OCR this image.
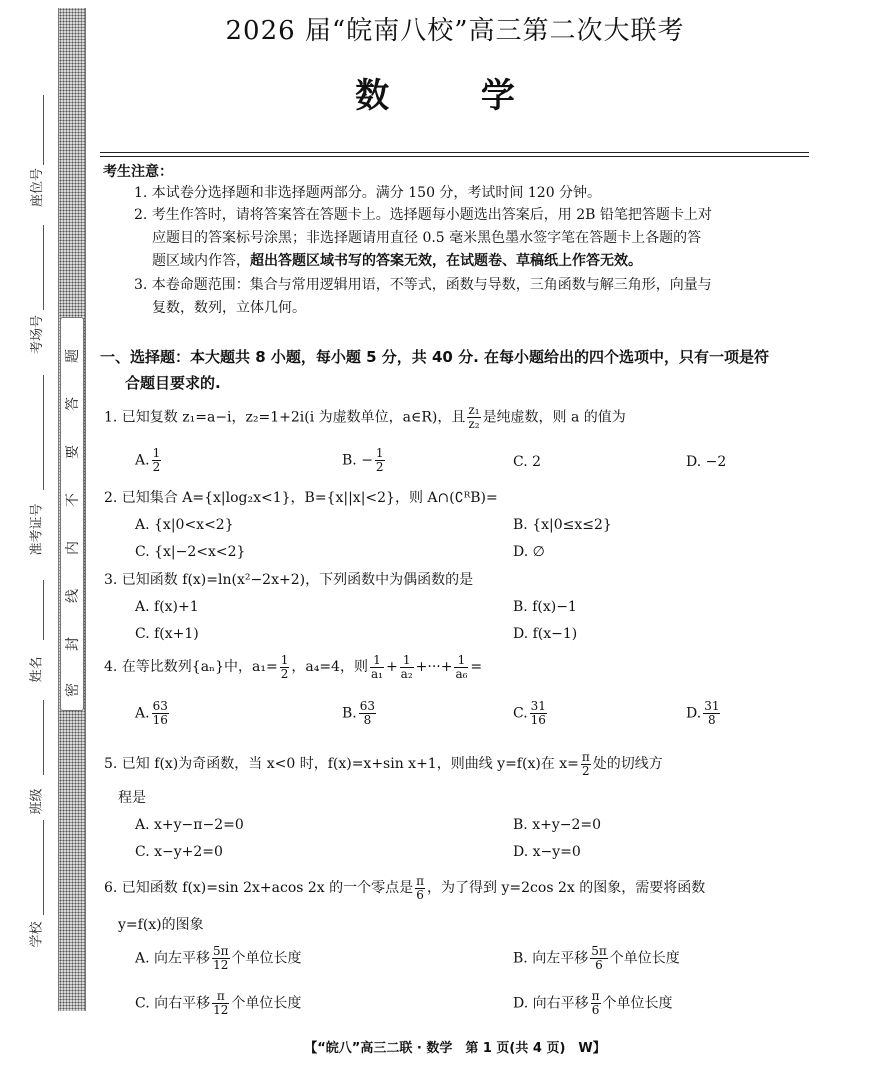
题
答
要
不
内
线
封
密
座位号
考场号
准考证号
姓名
班级
学校
2026 届“皖南八校”高三第二次大联考
数 学
考生注意：
1. 本试卷分选择题和非选择题两部分。满分 150 分，考试时间 120 分钟。
2. 考生作答时，请将答案答在答题卡上。选择题每小题选出答案后，用 2B 铅笔把答题卡上对
应题目的答案标号涂黑；非选择题请用直径 0.5 毫米黑色墨水签字笔在答题卡上各题的答
题区域内作答，超出答题区域书写的答案无效，在试题卷、草稿纸上作答无效。
3. 本卷命题范围：集合与常用逻辑用语，不等式，函数与导数，三角函数与解三角形，向量与
复数，数列，立体几何。
一、选择题：本大题共 8 小题，每小题 5 分，共 40 分. 在每小题给出的四个选项中，只有一项是符
合题目要求的.
1. 已知复数 z₁=a−i，z₂=1+2i(i 为虚数单位，a∈R)，且 $\frac{\text{z₁}}{\text{z₂}}$ 是纯虚数，则 a 的值为
A. $\frac{1}{2}$	B. − $\frac{1}{2}$	C. 2	D. −2
2. 已知集合 A={x|log₂x<1}，B={x||x|<2}，则 A∩(∁ᴿB)=
A. {x|0<x<2}	B. {x|0≤x≤2}
C. {x|−2<x<2}	D. ∅
3. 已知函数 f(x)=ln(x²−2x+2)，下列函数中为偶函数的是
A. f(x)+1	B. f(x)−1
C. f(x+1)	D. f(x−1)
4. 在等比数列{aₙ}中，$a_1= \frac{1}{2}$ ，a₄=4，则 $\frac{1}{\text{a₁}} + \frac{1}{\text{a₂}}$ +···+ $\frac{1}{\text{a₆}}$ =
A. $\frac{63}{16}$	B. $\frac{63}{8}$	C. $\frac{31}{16}$	D. $\frac{31}{8}$
5. 已知 f(x)为奇函数，当 x<0 时，f(x)=x+sin x+1，则曲线 y=f(x)在 $x= \frac{\pi}{2}$ 处的切线方
程是
A. x+y−π−2=0	B. x+y−2=0
C. x−y+2=0	D. x−y=0
6. 已知函数 f(x)=sin 2x+acos 2x 的一个零点是 $\frac{\pi}{6}$ ，为了得到 y=2cos 2x 的图象，需要将函数
y=f(x)的图象
A. 向左平移 $\frac{5\pi}{12}$ 个单位长度	B. 向左平移 $\frac{5\pi}{6}$ 个单位长度
C. 向右平移 $\frac{\pi}{12}$ 个单位长度	D. 向右平移 $\frac{\pi}{6}$ 个单位长度
【“皖八”高三二联 · 数学　第 1 页(共 4 页)　W】
